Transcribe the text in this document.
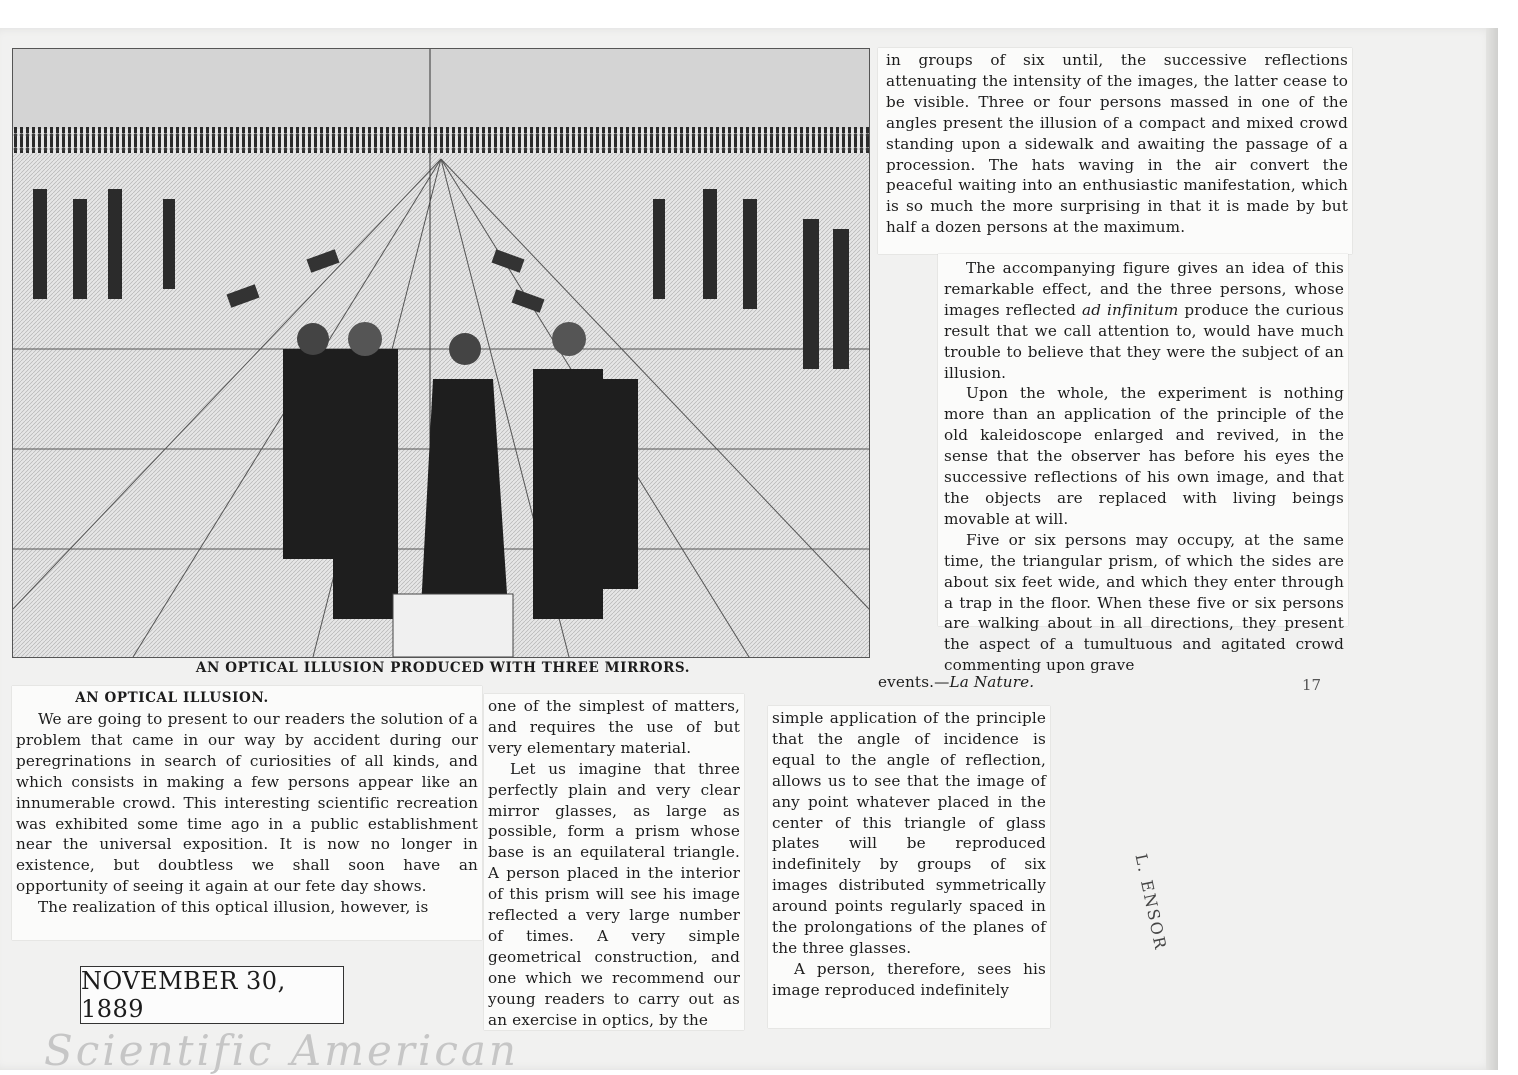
AN OPTICAL ILLUSION PRODUCED WITH THREE MIRRORS.

in groups of six until, the successive reflections attenuating the intensity of the images, the latter cease to be visible. Three or four persons massed in one of the angles present the illusion of a compact and mixed crowd standing upon a sidewalk and awaiting the passage of a procession. The hats waving in the air convert the peaceful waiting into an enthusiastic manifestation, which is so much the more surprising in that it is made by but half a dozen persons at the maximum.

The accompanying figure gives an idea of this remarkable effect, and the three persons, whose images reflected ad infinitum produce the curious result that we call attention to, would have much trouble to believe that they were the subject of an illusion.

Upon the whole, the experiment is nothing more than an application of the principle of the old kaleidoscope enlarged and revived, in the sense that the observer has before his eyes the successive reflections of his own image, and that the objects are replaced with living beings movable at will.

Five or six persons may occupy, at the same time, the triangular prism, of which the sides are about six feet wide, and which they enter through a trap in the floor. When these five or six persons are walking about in all directions, they present the aspect of a tumultuous and agitated crowd commenting upon grave

events.—La Nature.	17
AN OPTICAL ILLUSION.

We are going to present to our readers the solution of a problem that came in our way by accident during our peregrinations in search of curiosities of all kinds, and which consists in making a few persons appear like an innumerable crowd. This interesting scientific recreation was exhibited some time ago in a public establishment near the universal exposition. It is now no longer in existence, but doubtless we shall soon have an opportunity of seeing it again at our fete day shows.

The realization of this optical illusion, however, is

one of the simplest of matters, and requires the use of but very elementary material.

Let us imagine that three perfectly plain and very clear mirror glasses, as large as possible, form a prism whose base is an equilateral triangle. A person placed in the interior of this prism will see his image reflected a very large number of times. A very simple geometrical construction, and one which we recommend our young readers to carry out as an exercise in optics, by the

simple application of the principle that the angle of incidence is equal to the angle of reflection, allows us to see that the image of any point whatever placed in the center of this triangle of glass plates will be reproduced indefinitely by groups of six images distributed symmetrically around points regularly spaced in the prolongations of the planes of the three glasses.

A person, therefore, sees his image reproduced indefinitely

NOVEMBER 30, 1889
L. ENSOR
Scientific American
